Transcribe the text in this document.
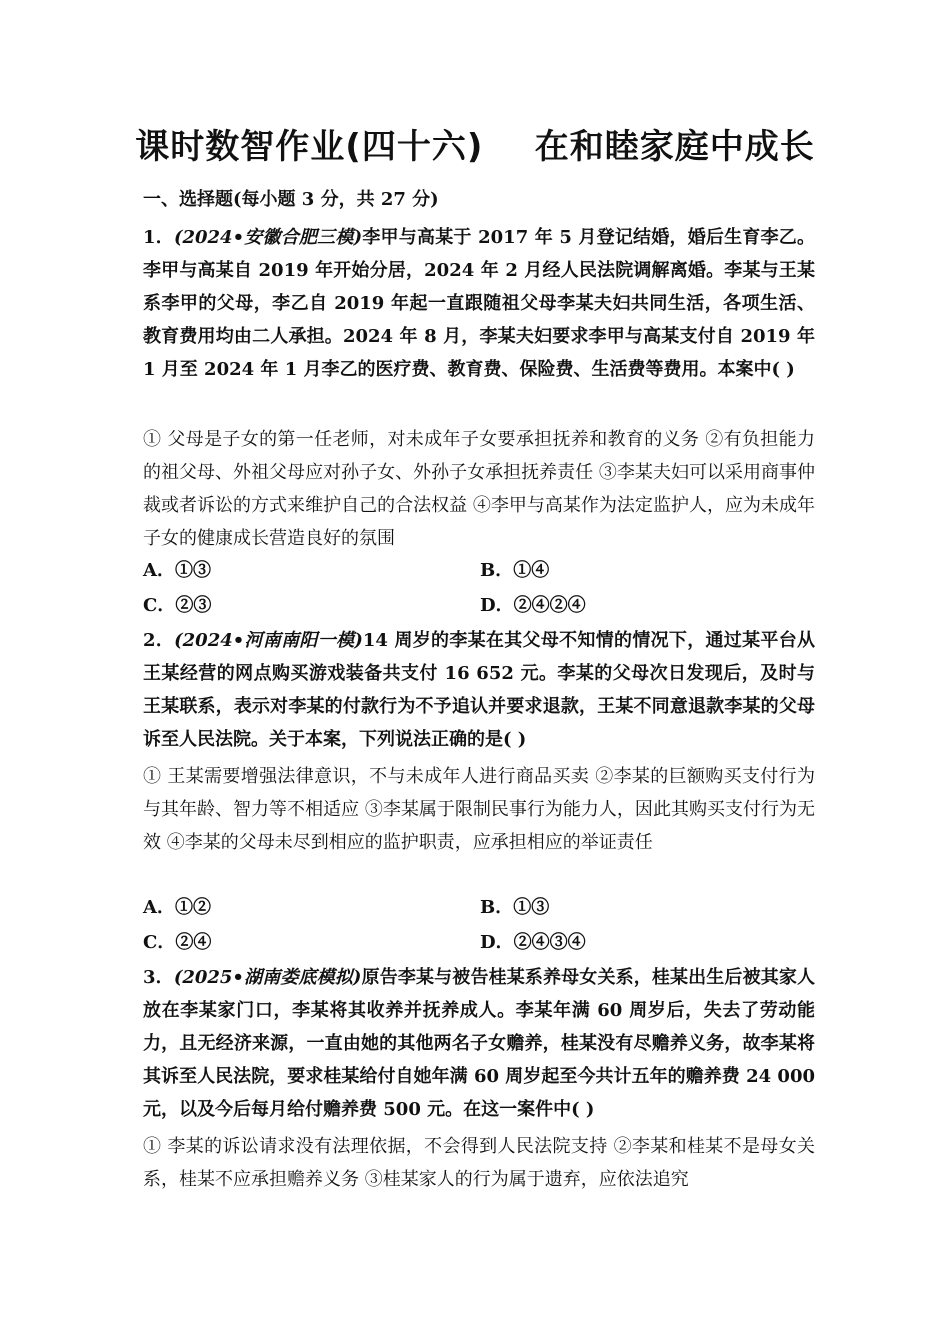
课时数智作业(四十六)    在和睦家庭中成长
一、选择题(每小题 3 分，共 27 分)

1．(2024•安徽合肥三模)李甲与高某于 2017 年 5 月登记结婚，婚后生育李乙。李甲与高某自 2019 年开始分居，2024 年 2 月经人民法院调解离婚。李某与王某系李甲的父母，李乙自 2019 年起一直跟随祖父母李某夫妇共同生活，各项生活、教育费用均由二人承担。2024 年 8 月，李某夫妇要求李甲与高某支付自 2019 年 1 月至 2024 年 1 月李乙的医疗费、教育费、保险费、生活费等费用。本案中( )

① 父母是子女的第一任老师，对未成年子女要承担抚养和教育的义务 ②有负担能力的祖父母、外祖父母应对孙子女、外孙子女承担抚养责任 ③李某夫妇可以采用商事仲裁或者诉讼的方式来维护自己的合法权益 ④李甲与高某作为法定监护人，应为未成年子女的健康成长营造良好的氛围

A．①③	B．①④
C．②③	D．②④②④

2．(2024•河南南阳一模)14 周岁的李某在其父母不知情的情况下，通过某平台从王某经营的网点购买游戏装备共支付 16 652 元。李某的父母次日发现后，及时与王某联系，表示对李某的付款行为不予追认并要求退款，王某不同意退款李某的父母诉至人民法院。关于本案，下列说法正确的是( )

① 王某需要增强法律意识，不与未成年人进行商品买卖 ②李某的巨额购买支付行为与其年龄、智力等不相适应 ③李某属于限制民事行为能力人，因此其购买支付行为无效 ④李某的父母未尽到相应的监护职责，应承担相应的举证责任

A．①②	B．①③
C．②④	D．②④③④

3．(2025•湖南娄底模拟)原告李某与被告桂某系养母女关系，桂某出生后被其家人放在李某家门口，李某将其收养并抚养成人。李某年满 60 周岁后，失去了劳动能力，且无经济来源，一直由她的其他两名子女赡养，桂某没有尽赡养义务，故李某将其诉至人民法院，要求桂某给付自她年满 60 周岁起至今共计五年的赡养费 24 000 元，以及今后每月给付赡养费 500 元。在这一案件中( )

① 李某的诉讼请求没有法理依据，不会得到人民法院支持 ②李某和桂某不是母女关系，桂某不应承担赡养义务 ③桂某家人的行为属于遗弃，应依法追究
